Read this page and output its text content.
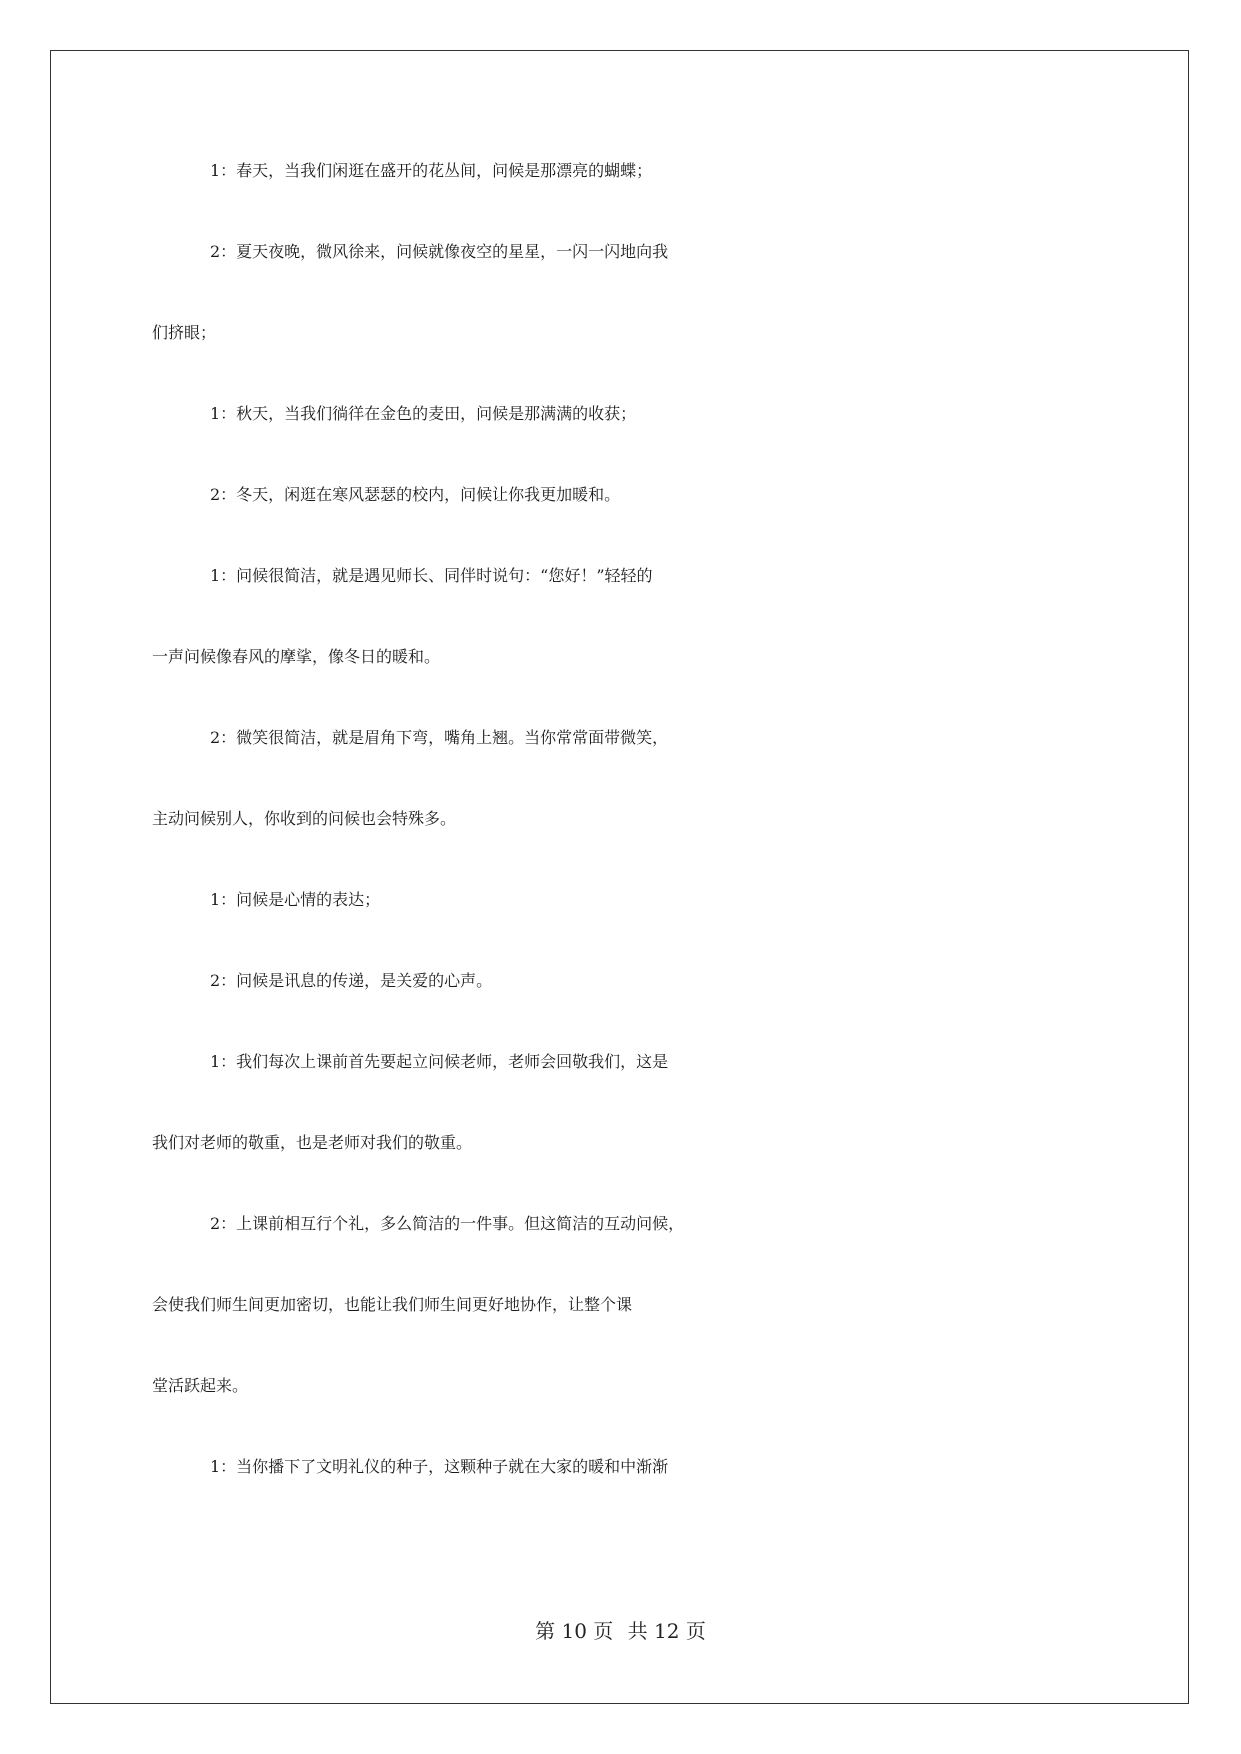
1：春天，当我们闲逛在盛开的花丛间，问候是那漂亮的蝴蝶；
2：夏天夜晚，微风徐来，问候就像夜空的星星，一闪一闪地向我
们挤眼；
1：秋天，当我们徜徉在金色的麦田，问候是那满满的收获；
2：冬天，闲逛在寒风瑟瑟的校内，问候让你我更加暖和。
1：问候很简洁，就是遇见师长、同伴时说句：“您好！”轻轻的
一声问候像春风的摩挲，像冬日的暖和。
2：微笑很简洁，就是眉角下弯，嘴角上翘。当你常常面带微笑，
主动问候别人，你收到的问候也会特殊多。
1：问候是心情的表达；
2：问候是讯息的传递，是关爱的心声。
1：我们每次上课前首先要起立问候老师，老师会回敬我们，这是
我们对老师的敬重，也是老师对我们的敬重。
2：上课前相互行个礼，多么简洁的一件事。但这简洁的互动问候，
会使我们师生间更加密切，也能让我们师生间更好地协作，让整个课
堂活跃起来。
1：当你播下了文明礼仪的种子，这颗种子就在大家的暖和中渐渐
第 10 页 共 12 页
